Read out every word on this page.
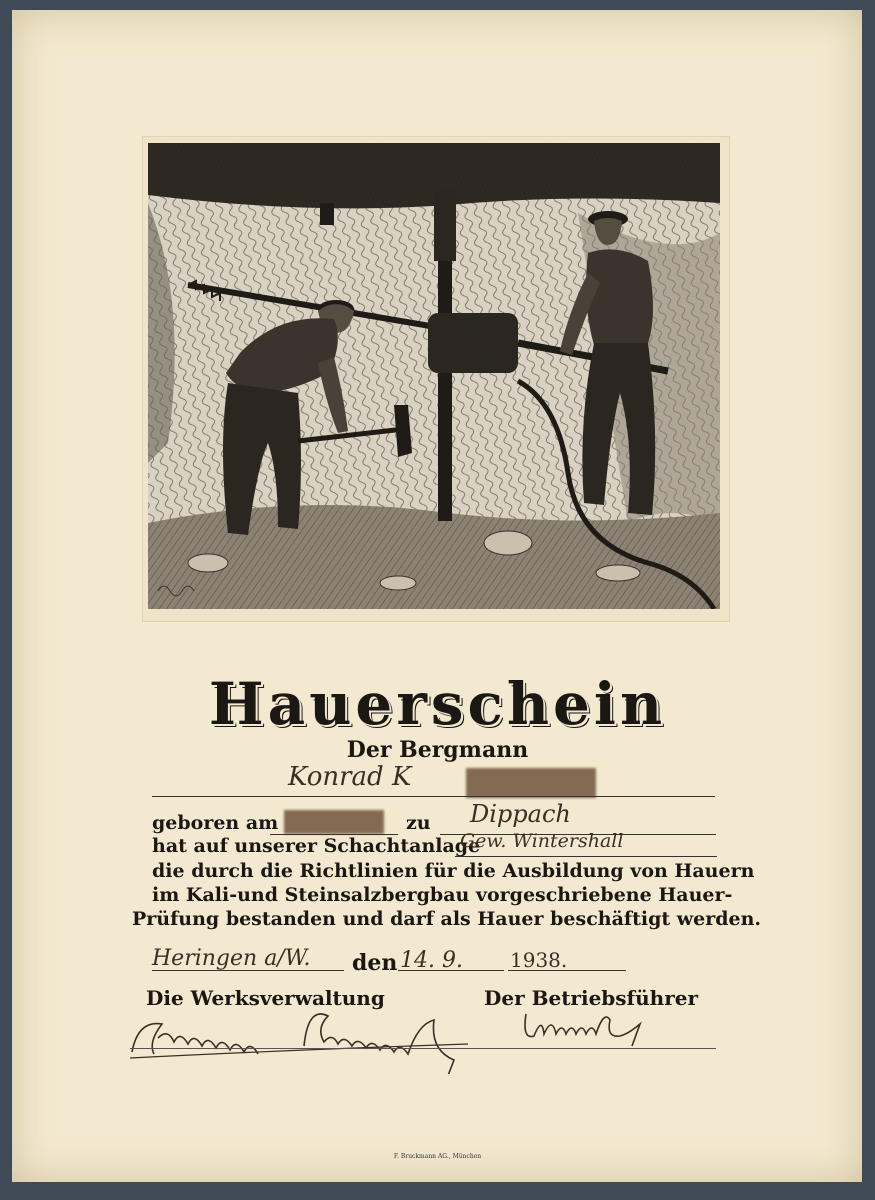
Hauerschein
Der Bergmann
Konrad K
geboren am	zu Dippach
hat auf unserer Schachtanlage
Gew. Wintershall
die durch die Richtlinien für die Ausbildung von Hauern
im Kali-und Steinsalzbergbau vorgeschriebene Hauer-
Prüfung bestanden und darf als Hauer beschäftigt werden.
Heringen a/W. den 14. 9. 1938.
Die Werksverwaltung	Der Betriebsführer
F. Bruckmann AG., München
